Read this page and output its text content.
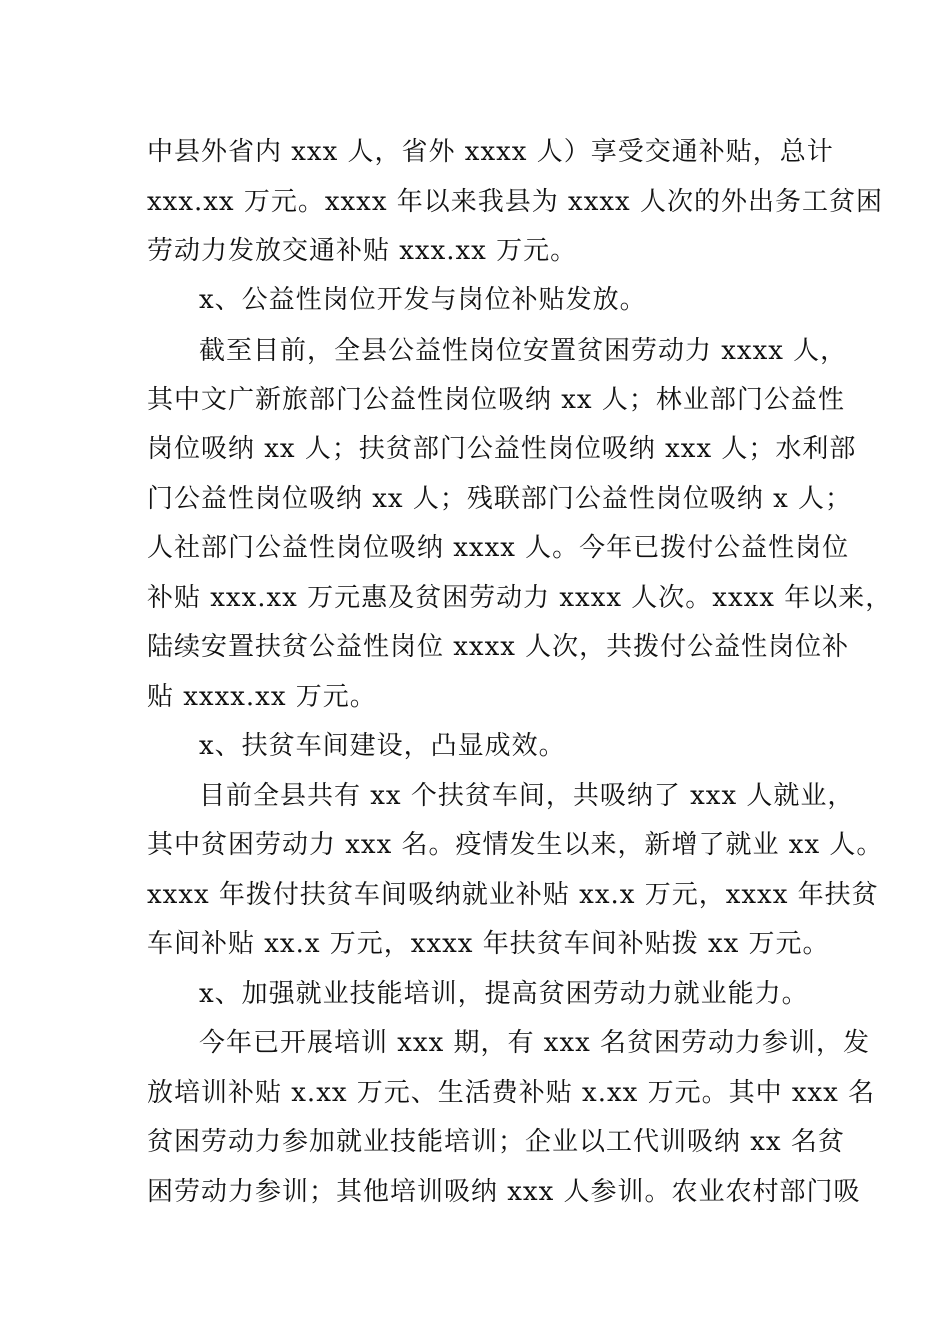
中县外省内 xxx 人，省外 xxxx 人）享受交通补贴，总计

xxx.xx 万元。xxxx 年以来我县为 xxxx 人次的外出务工贫困

劳动力发放交通补贴 xxx.xx 万元。

x、公益性岗位开发与岗位补贴发放。

截至目前，全县公益性岗位安置贫困劳动力 xxxx 人，

其中文广新旅部门公益性岗位吸纳 xx 人；林业部门公益性

岗位吸纳 xx 人；扶贫部门公益性岗位吸纳 xxx 人；水利部

门公益性岗位吸纳 xx 人；残联部门公益性岗位吸纳 x 人；

人社部门公益性岗位吸纳 xxxx 人。今年已拨付公益性岗位

补贴 xxx.xx 万元惠及贫困劳动力 xxxx 人次。xxxx 年以来，

陆续安置扶贫公益性岗位 xxxx 人次，共拨付公益性岗位补

贴 xxxx.xx 万元。

x、扶贫车间建设，凸显成效。

目前全县共有 xx 个扶贫车间，共吸纳了 xxx 人就业，

其中贫困劳动力 xxx 名。疫情发生以来，新增了就业 xx 人。

xxxx 年拨付扶贫车间吸纳就业补贴 xx.x 万元，xxxx 年扶贫

车间补贴 xx.x 万元，xxxx 年扶贫车间补贴拨 xx 万元。

x、加强就业技能培训，提高贫困劳动力就业能力。

今年已开展培训 xxx 期，有 xxx 名贫困劳动力参训，发

放培训补贴 x.xx 万元、生活费补贴 x.xx 万元。其中 xxx 名

贫困劳动力参加就业技能培训；企业以工代训吸纳 xx 名贫

困劳动力参训；其他培训吸纳 xxx 人参训。农业农村部门吸
